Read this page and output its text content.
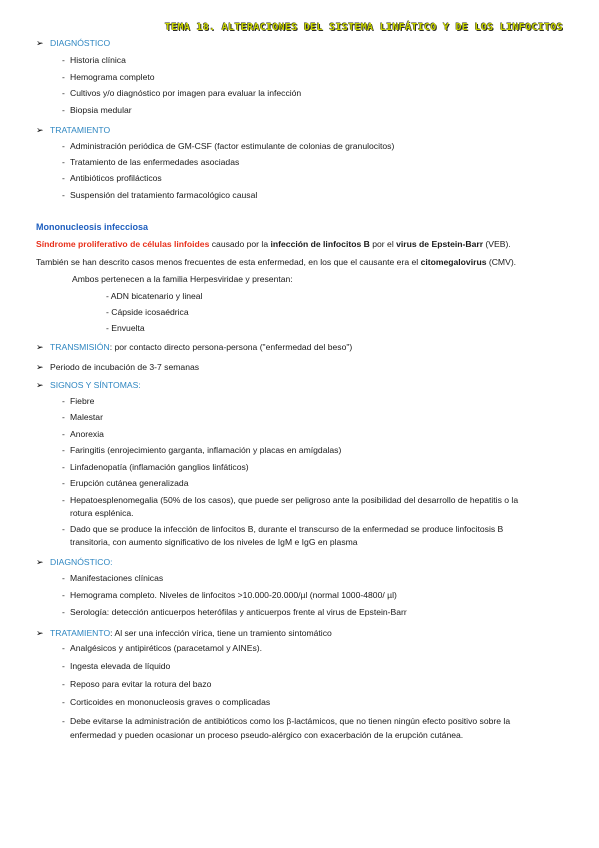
TEMA 18. ALTERACIONES DEL SISTEMA LINFÁTICO Y DE LOS LINFOCITOS
➢ DIAGNÓSTICO
- Historia clínica
- Hemograma completo
- Cultivos y/o diagnóstico por imagen para evaluar la infección
- Biopsia medular
➢ TRATAMIENTO
- Administración periódica de GM-CSF (factor estimulante de colonias de granulocitos)
- Tratamiento de las enfermedades asociadas
- Antibióticos profilácticos
- Suspensión del tratamiento farmacológico causal
Mononucleosis infecciosa
Síndrome proliferativo de células linfoides causado por la infección de linfocitos B por el virus de Epstein-Barr (VEB).
También se han descrito casos menos frecuentes de esta enfermedad, en los que el causante era el citomegalovirus (CMV).
Ambos pertenecen a la familia Herpesviridae y presentan:
- ADN bicatenario y lineal
- Cápside icosaédrica
- Envuelta
➢ TRANSMISIÓN: por contacto directo persona-persona ("enfermedad del beso")
➢ Periodo de incubación de 3-7 semanas
➢ SIGNOS Y SÍNTOMAS:
- Fiebre
- Malestar
- Anorexia
- Faringitis (enrojecimiento garganta, inflamación y placas en amígdalas)
- Linfadenopatía (inflamación ganglios linfáticos)
- Erupción cutánea generalizada
- Hepatoesplenomegalia (50% de los casos), que puede ser peligroso ante la posibilidad del desarrollo de hepatitis o la
rotura esplénica.
- Dado que se produce la infección de linfocitos B, durante el transcurso de la enfermedad se produce linfocitosis B
transitoria, con aumento significativo de los niveles de IgM e IgG en plasma
➢ DIAGNÓSTICO:
- Manifestaciones clínicas
- Hemograma completo. Niveles de linfocitos >10.000-20.000/µl (normal 1000-4800/ µl)
- Serología: detección anticuerpos heterófilas y anticuerpos frente al virus de Epstein-Barr
➢ TRATAMIENTO: Al ser una infección vírica, tiene un tramiento sintomático
- Analgésicos y antipiréticos (paracetamol y AINEs).
- Ingesta elevada de líquido
- Reposo para evitar la rotura del bazo
- Corticoides en mononucleosis graves o complicadas
- Debe evitarse la administración de antibióticos como los β-lactámicos, que no tienen ningún efecto positivo sobre la
enfermedad y pueden ocasionar un proceso pseudo-alérgico con exacerbación de la erupción cutánea.
